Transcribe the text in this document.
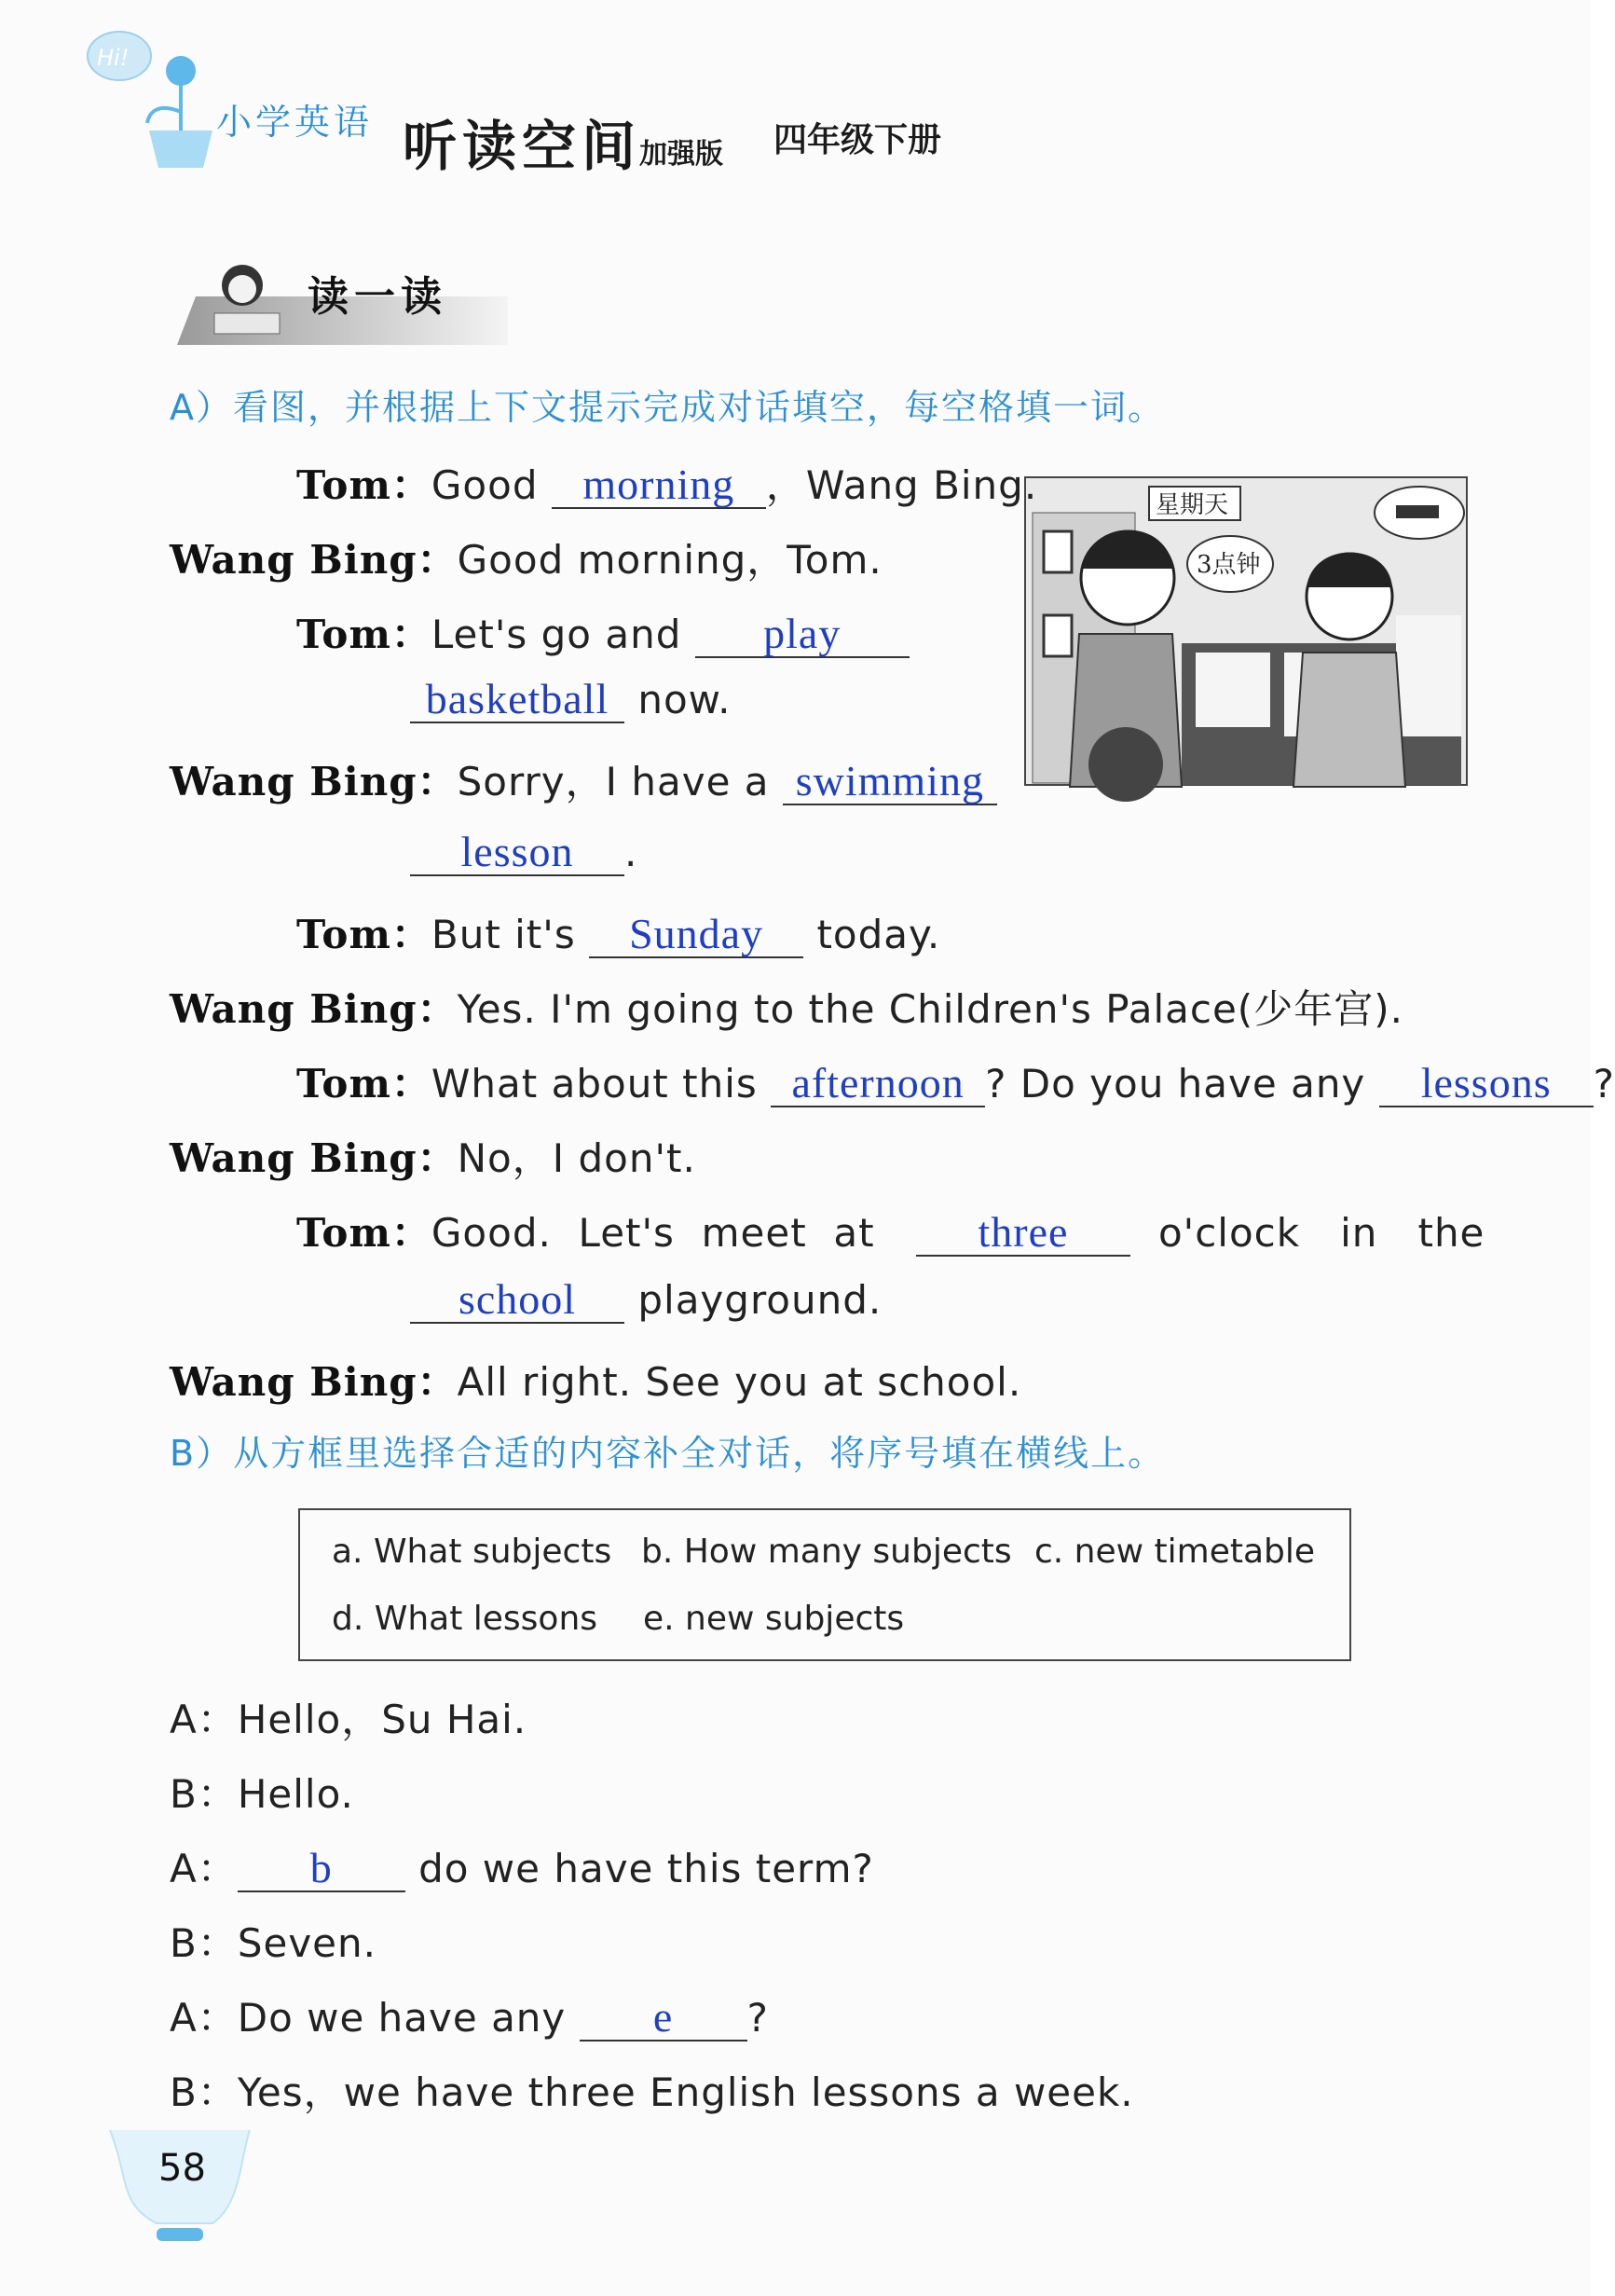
Hi!
小学英语 听读空间
加强版 四年级下册
读一读
A）看图，并根据上下文提示完成对话填空，每空格填一词。
星期天
3点钟
Tom：Good morning ，Wang Bing.
Wang Bing：Good morning，Tom.
Tom：Let's go and play
basketball now.
Wang Bing：Sorry，I have a swimming
lesson .
Tom：But it's Sunday today.
Wang Bing：Yes. I'm going to the Children's Palace(少年宫).
Tom：What about this afternoon ? Do you have any lessons ?
Wang Bing：No，I don't.
Tom：Good.  Let's  meet  at three o'clock   in   the
school playground.
Wang Bing：All right. See you at school.
B）从方框里选择合适的内容补全对话，将序号填在横线上。
a. What subjects b. How many subjects c. new timetable
d. What lessons e. new subjects
A：Hello，Su Hai.
B：Hello.
A： b do we have this term?
B：Seven.
A：Do we have any e ?
B：Yes，we have three English lessons a week.
58
